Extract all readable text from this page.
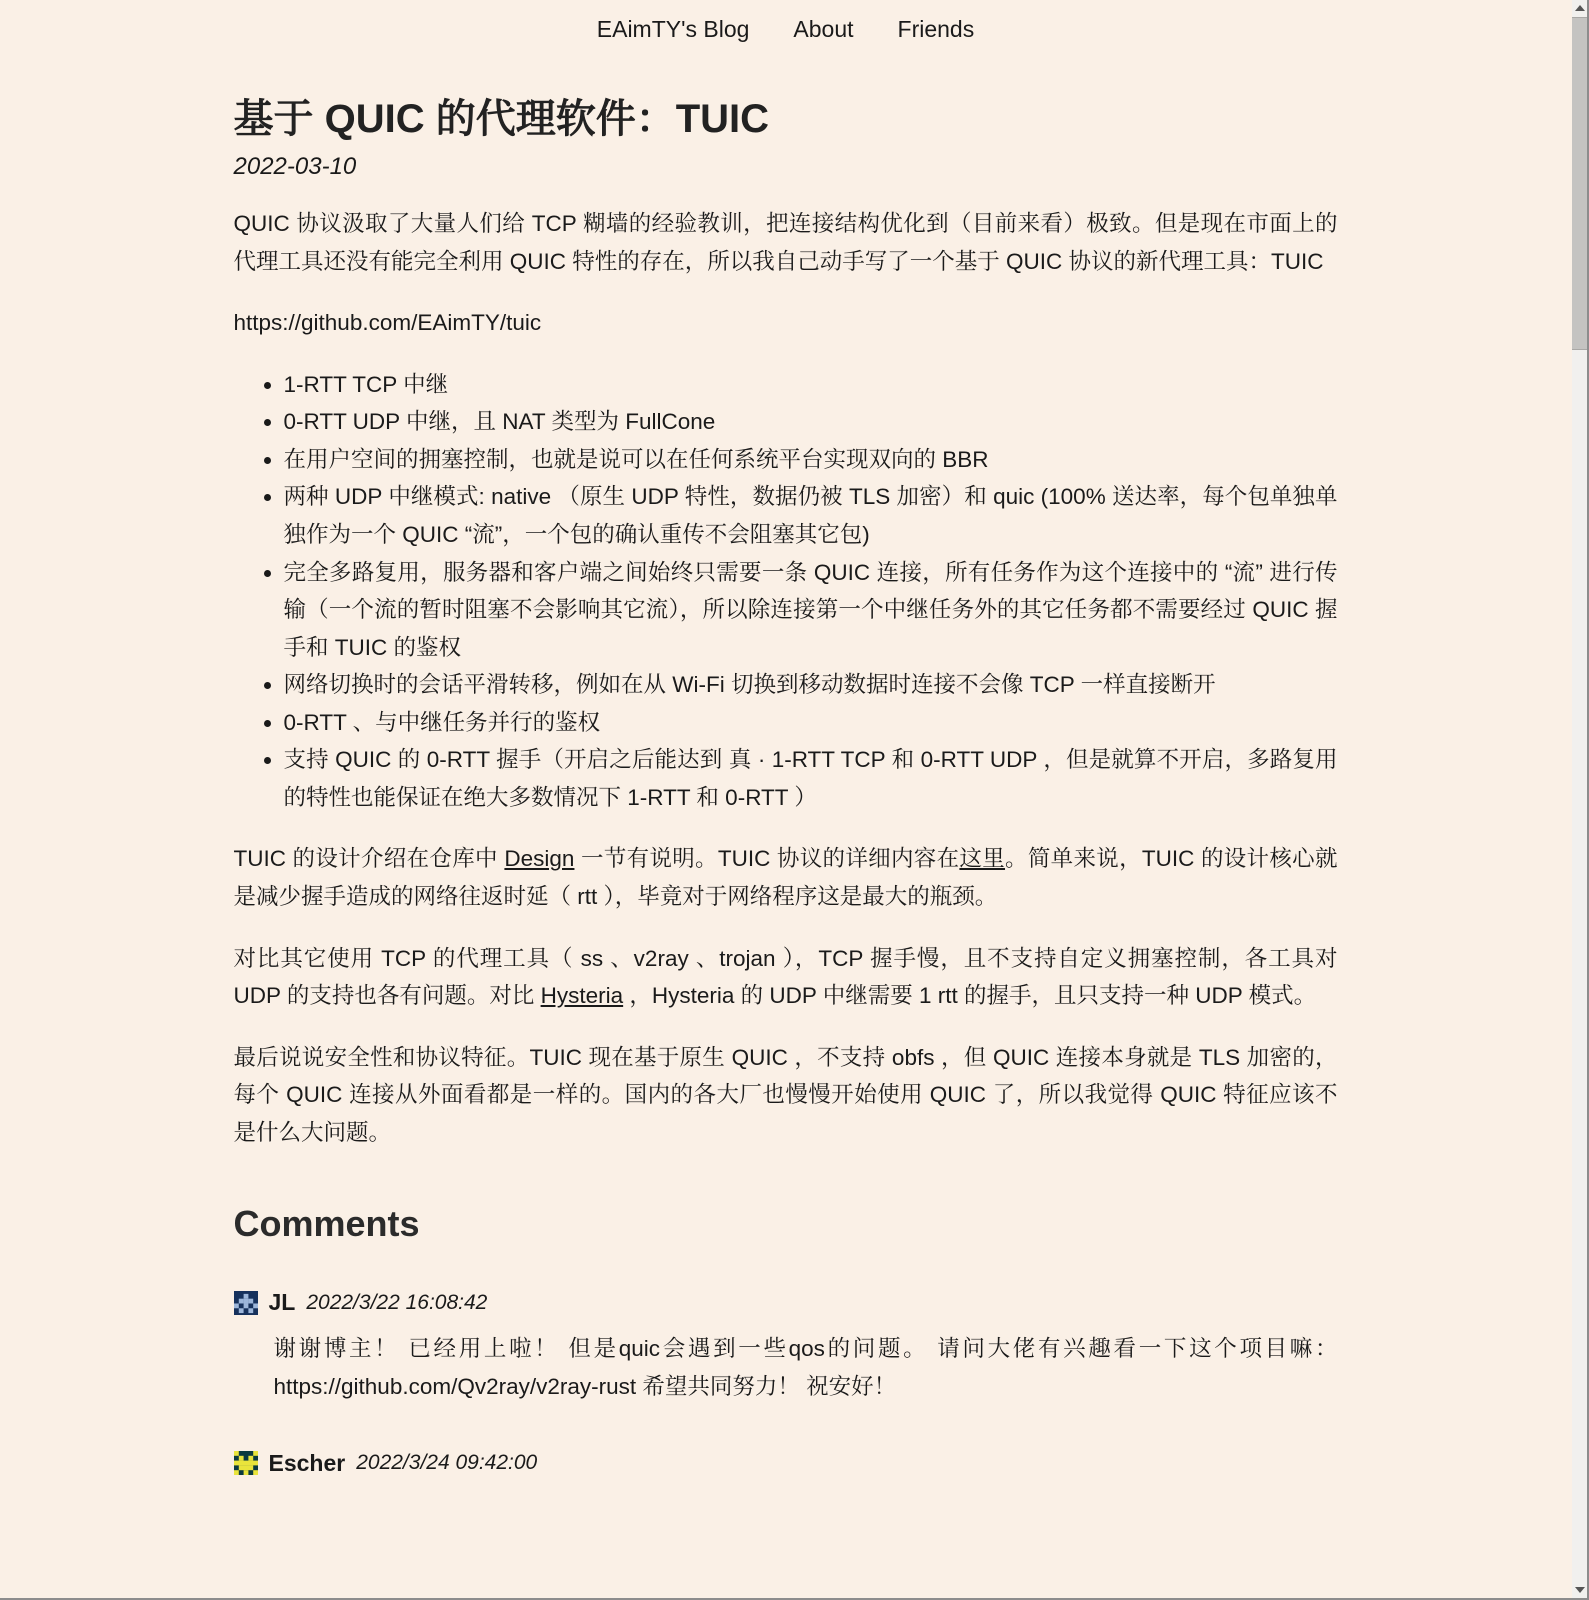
EAimTY's Blog About Friends
基于 QUIC 的代理软件：TUIC

2022-03-10

QUIC 协议汲取了大量人们给 TCP 糊墙的经验教训，把连接结构优化到（目前来看）极致。但是现在市面上的代理工具还没有能完全利用 QUIC 特性的存在，所以我自己动手写了一个基于 QUIC 协议的新代理工具：TUIC

https://github.com/EAimTY/tuic

• 1-RTT TCP 中继
• 0-RTT UDP 中继，且 NAT 类型为 FullCone
• 在用户空间的拥塞控制，也就是说可以在任何系统平台实现双向的 BBR
• 两种 UDP 中继模式: native （原生 UDP 特性，数据仍被 TLS 加密）和 quic (100% 送达率，每个包单独单独作为一个 QUIC “流”，一个包的确认重传不会阻塞其它包)
• 完全多路复用，服务器和客户端之间始终只需要一条 QUIC 连接，所有任务作为这个连接中的 “流” 进行传输（一个流的暂时阻塞不会影响其它流），所以除连接第一个中继任务外的其它任务都不需要经过 QUIC 握手和 TUIC 的鉴权
• 网络切换时的会话平滑转移，例如在从 Wi-Fi 切换到移动数据时连接不会像 TCP 一样直接断开
• 0-RTT 、与中继任务并行的鉴权
• 支持 QUIC 的 0-RTT 握手（开启之后能达到 真 · 1-RTT TCP 和 0-RTT UDP ，但是就算不开启，多路复用的特性也能保证在绝大多数情况下 1-RTT 和 0-RTT ）

TUIC 的设计介绍在仓库中 Design 一节有说明。TUIC 协议的详细内容在这里。简单来说，TUIC 的设计核心就是减少握手造成的网络往返时延（ rtt ），毕竟对于网络程序这是最大的瓶颈。

对比其它使用 TCP 的代理工具（ ss 、v2ray 、trojan ），TCP 握手慢，且不支持自定义拥塞控制，各工具对 UDP 的支持也各有问题。对比 Hysteria ，Hysteria 的 UDP 中继需要 1 rtt 的握手，且只支持一种 UDP 模式。

最后说说安全性和协议特征。TUIC 现在基于原生 QUIC ，不支持 obfs ，但 QUIC 连接本身就是 TLS 加密的，每个 QUIC 连接从外面看都是一样的。国内的各大厂也慢慢开始使用 QUIC 了，所以我觉得 QUIC 特征应该不是什么大问题。

Comments
JL 2022/3/22 16:08:42

谢谢博主！ 已经用上啦！ 但是quic会遇到一些qos的问题。 请问大佬有兴趣看一下这个项目嘛： https://github.com/Qv2ray/v2ray-rust 希望共同努力！ 祝安好！

Escher 2022/3/24 09:42:00
